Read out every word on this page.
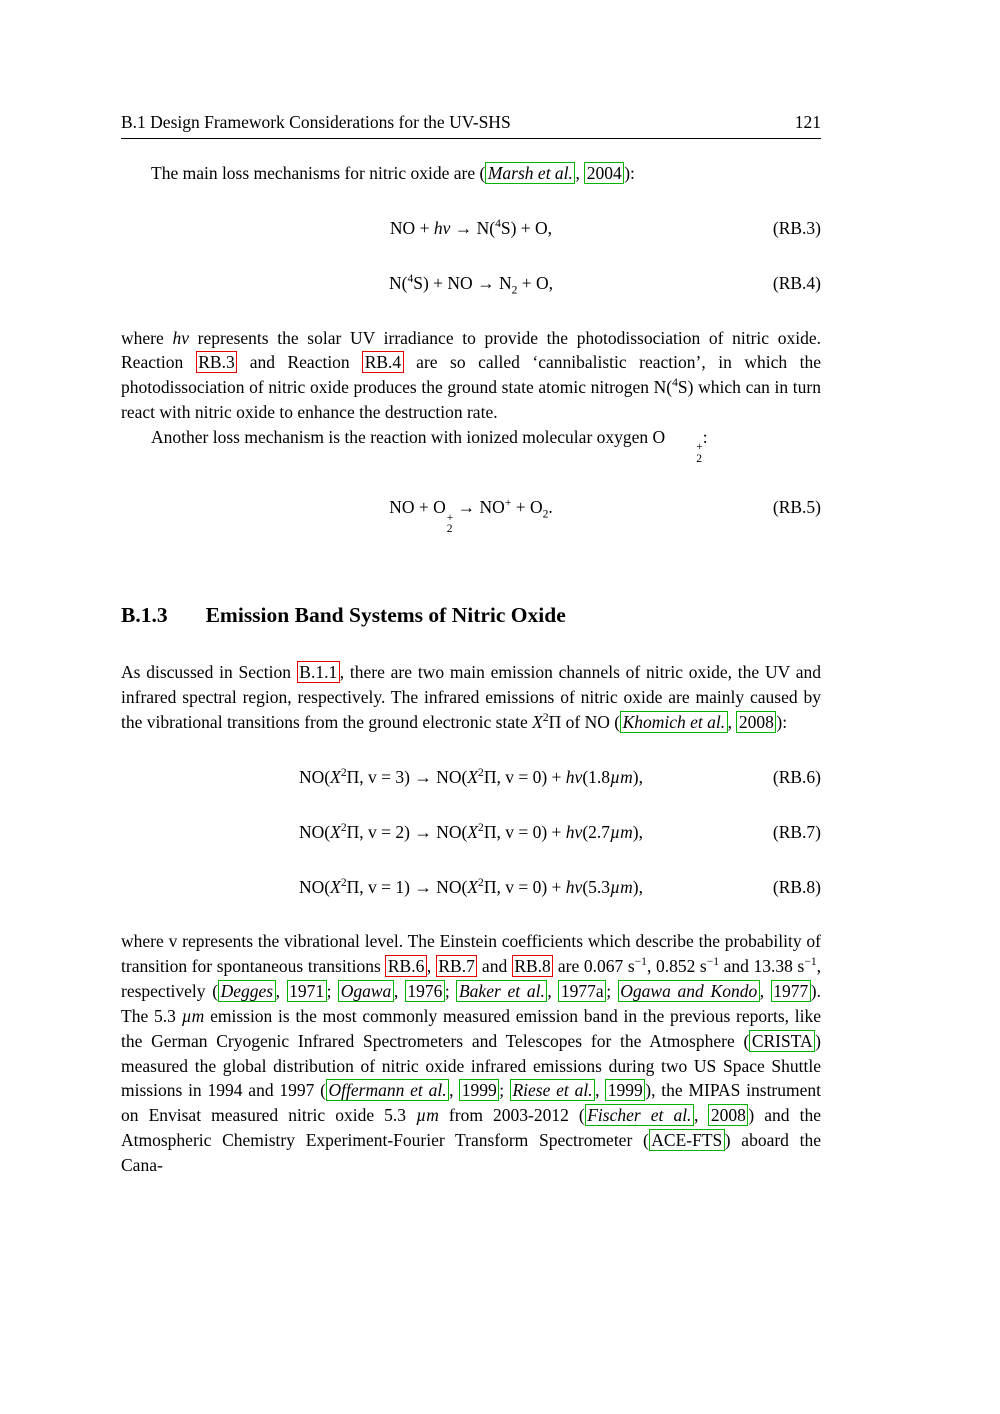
B.1 Design Framework Considerations for the UV-SHS	121

The main loss mechanisms for nitric oxide are ( Marsh et al. , 2004 ):

NO + hν → N($^4$S) + O,	(RB.3)
N($^4$S) + NO → $N_2 + O$,	(RB.4)

where hν represents the solar UV irradiance to provide the photodissociation of nitric oxide. Reaction RB.3 and Reaction RB.4 are so called ‘cannibalistic reaction’, in which the photodissociation of nitric oxide produces the ground state atomic nitrogen N($^4$S) which can in turn react with nitric oxide to enhance the destruction rate.

Another loss mechanism is the reaction with ionized molecular oxygen O
+
2
:

NO + O
+
2
→ $NO^+ + O_2$.	(RB.5)
B.1.3 Emission Band Systems of Nitric Oxide

As discussed in Section B.1.1 , there are two main emission channels of nitric oxide, the UV and infrared spectral region, respectively. The infrared emissions of nitric oxide are mainly caused by the vibrational transitions from the ground electronic state $X^2\Pi$ of NO ( Khomich et al. , 2008 ):

$NO(X^2\Pi$, $v = 3) \to NO(X^2\Pi$, v = 0) + hν(1.8µm),	(RB.6)
$NO(X^2\Pi$, $v = 2) \to NO(X^2\Pi$, v = 0) + hν(2.7µm),	(RB.7)
$NO(X^2\Pi$, $v = 1) \to NO(X^2\Pi$, v = 0) + hν(5.3µm),	(RB.8)

where v represents the vibrational level. The Einstein coefficients which describe the probability of transition for spontaneous transitions RB.6 , RB.7 and RB.8 are 0.067 $s^{-1}$, 0.852 $s^{-1}$ and 13.38 $s^{-1}$, respectively ( Degges , 1971 ; Ogawa , 1976 ; Baker et al. , 1977a ; Ogawa and Kondo , 1977 ). The 5.3 µm emission is the most commonly measured emission band in the previous reports, like the German Cryogenic Infrared Spectrometers and Telescopes for the Atmosphere ( CRISTA ) measured the global distribution of nitric oxide infrared emissions during two US Space Shuttle missions in 1994 and 1997 ( Offermann et al. , 1999 ; Riese et al. , 1999 ), the MIPAS instrument on Envisat measured nitric oxide 5.3 µm from 2003-2012 ( Fischer et al. , 2008 ) and the Atmospheric Chemistry Experiment-Fourier Transform Spectrometer ( ACE-FTS ) aboard the Cana-
